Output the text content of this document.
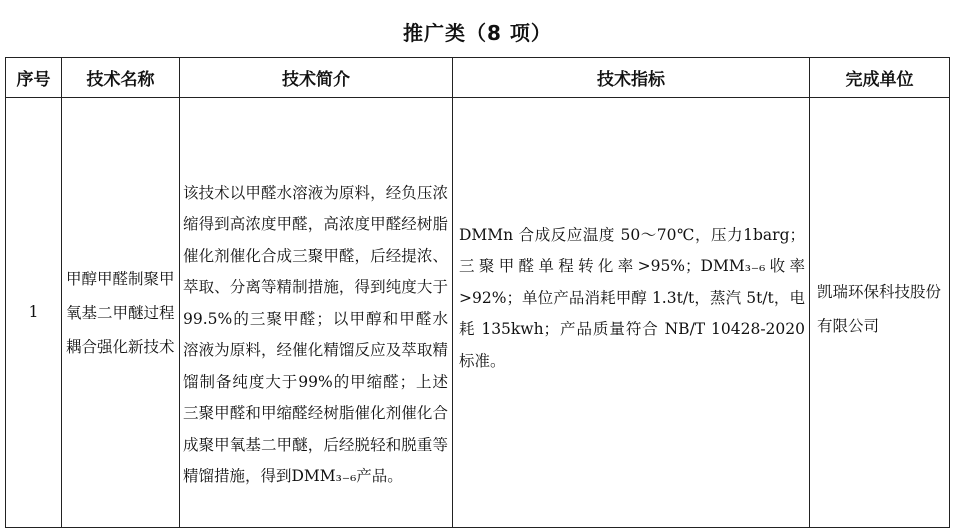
推广类（8 项）
序号	技术名称	技术简介	技术指标	完成单位
1	甲醇甲醛制聚甲氧基二甲醚过程耦合强化新技术	该技术以甲醛水溶液为原料，经负压浓缩得到高浓度甲醛，高浓度甲醛经树脂催化剂催化合成三聚甲醛，后经提浓、萃取、分离等精制措施，得到纯度大于99.5%的三聚甲醛；以甲醇和甲醛水溶液为原料，经催化精馏反应及萃取精馏制备纯度大于99%的甲缩醛；上述三聚甲醛和甲缩醛经树脂催化剂催化合成聚甲氧基二甲醚，后经脱轻和脱重等精馏措施，得到DMM₃₋₆产品。	DMMn 合成反应温度 50～70℃，压力1barg；三聚甲醛单程转化率>95%；DMM₃₋₆收率>92%；单位产品消耗甲醇 1.3t/t，蒸汽 5t/t，电耗 135kwh；产品质量符合 NB/T 10428-2020 标准。	凯瑞环保科技股份有限公司
